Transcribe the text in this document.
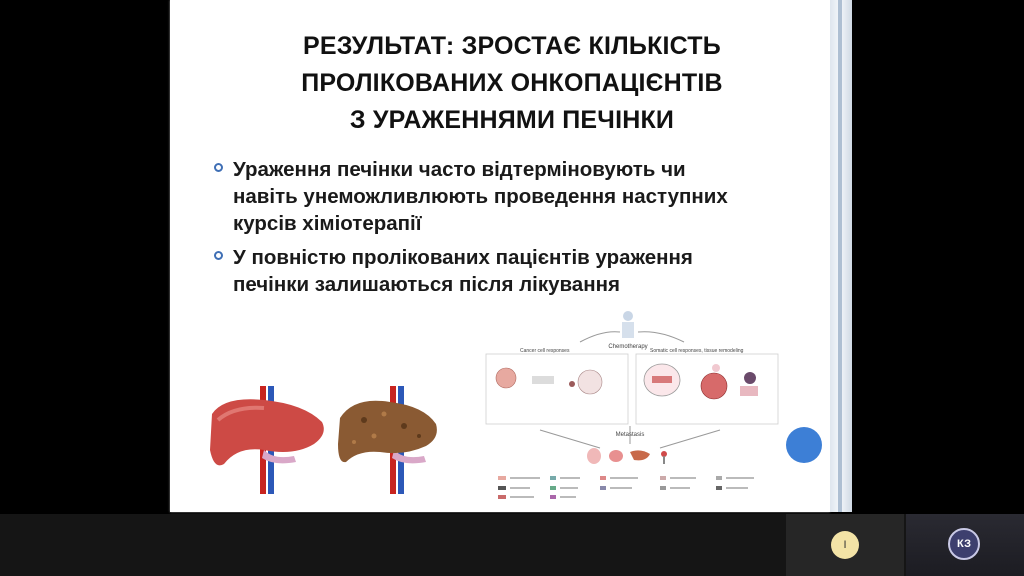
РЕЗУЛЬТАТ: ЗРОСТАЄ КІЛЬКІСТЬ
ПРОЛІКОВАНИХ ОНКОПАЦІЄНТІВ
З УРАЖЕННЯМИ ПЕЧІНКИ
Ураження печінки часто відтерміновують чи
навіть унеможливлюють проведення наступних
курсів хіміотерапії
У повністю пролікованих пацієнтів ураження
печінки залишаються після лікування
Chemotherapy
Cancer cell responses	Somatic cell responses, tissue remodeling
Metastasis
І	КЗ
